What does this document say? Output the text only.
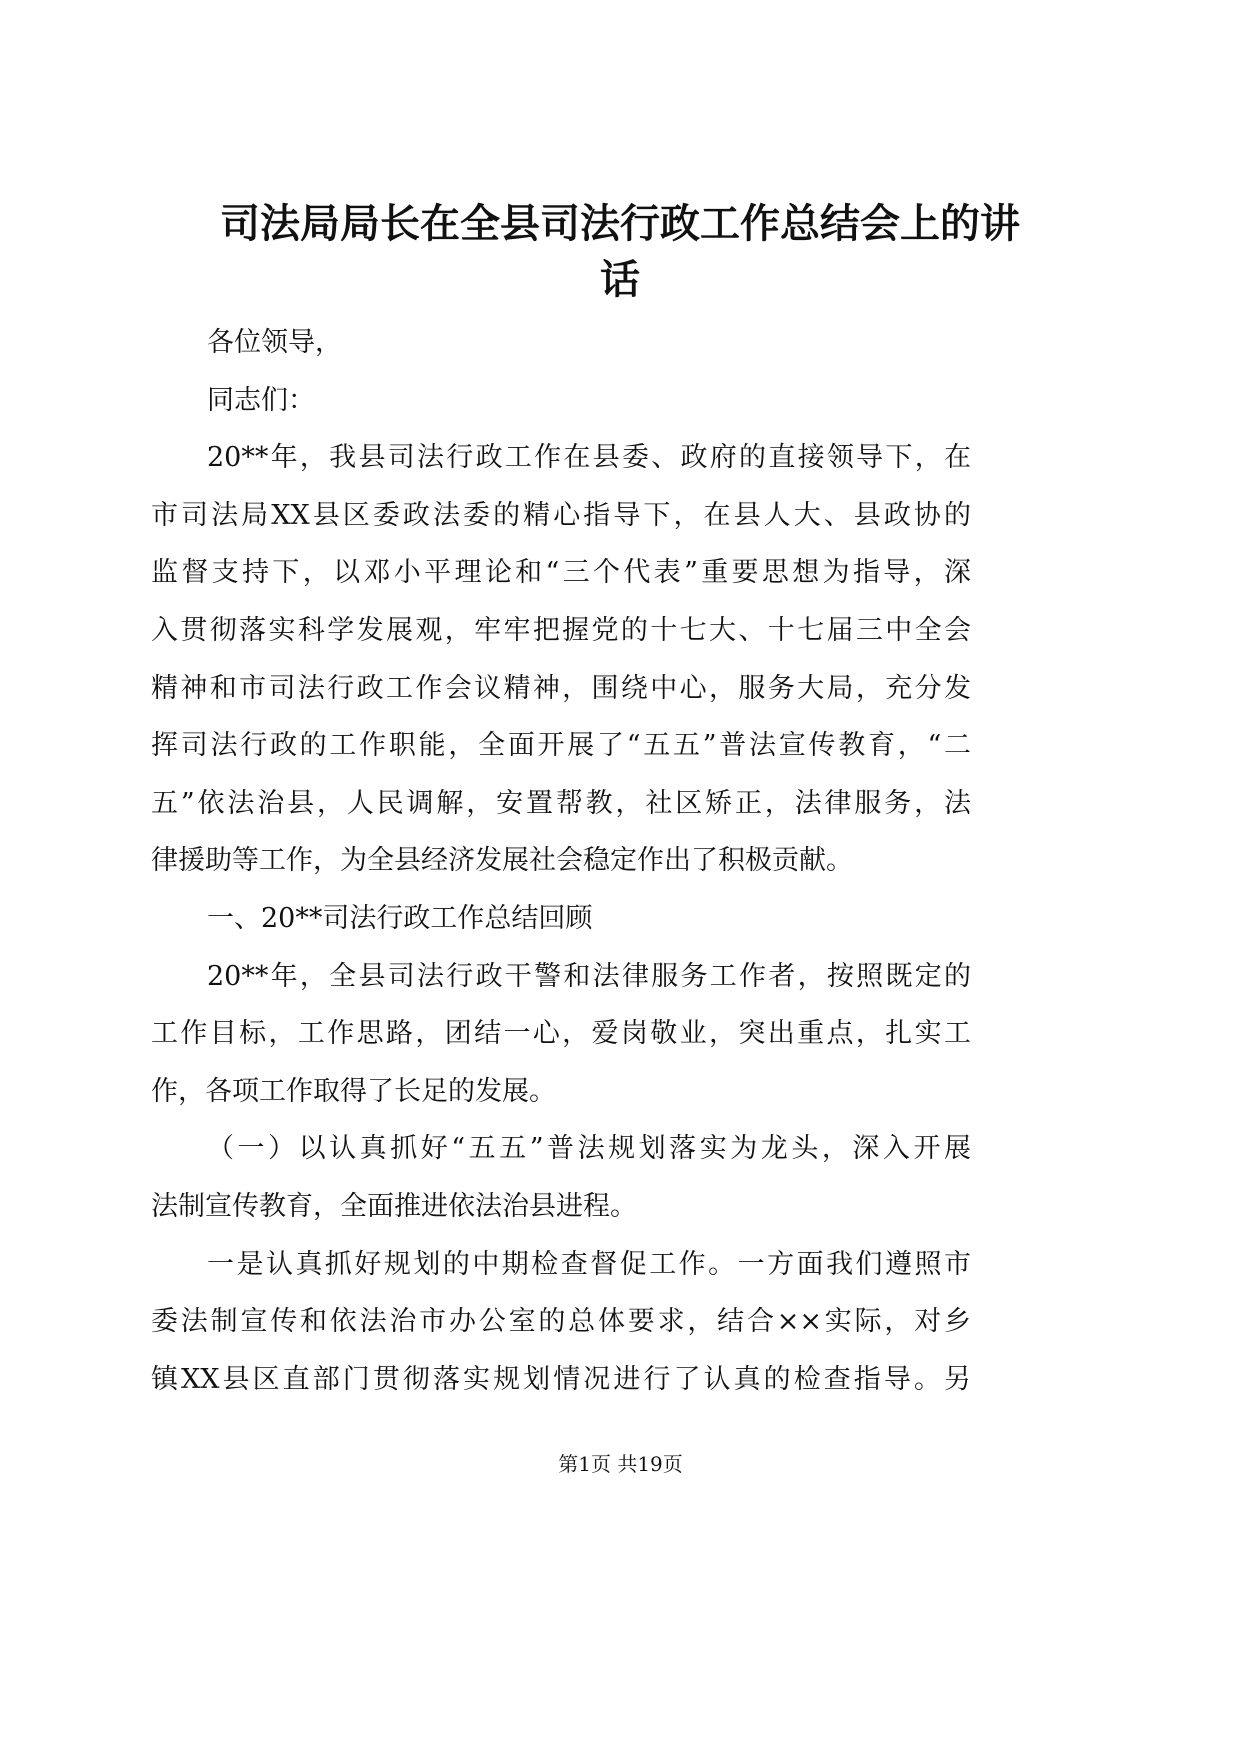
司法局局长在全县司法行政工作总结会上的讲
话
各位领导，
同志们：
20**年，我县司法行政工作在县委、政府的直接领导下，在
市司法局XX县区委政法委的精心指导下，在县人大、县政协的
监督支持下，以邓小平理论和“三个代表”重要思想为指导，深
入贯彻落实科学发展观，牢牢把握党的十七大、十七届三中全会
精神和市司法行政工作会议精神，围绕中心，服务大局，充分发
挥司法行政的工作职能，全面开展了“五五”普法宣传教育，“二
五”依法治县，人民调解，安置帮教，社区矫正，法律服务，法
律援助等工作，为全县经济发展社会稳定作出了积极贡献。
一、20**司法行政工作总结回顾
20**年，全县司法行政干警和法律服务工作者，按照既定的
工作目标，工作思路，团结一心，爱岗敬业，突出重点，扎实工
作，各项工作取得了长足的发展。
（一）以认真抓好“五五”普法规划落实为龙头，深入开展
法制宣传教育，全面推进依法治县进程。
一是认真抓好规划的中期检查督促工作。一方面我们遵照市
委法制宣传和依法治市办公室的总体要求，结合××实际，对乡
镇XX县区直部门贯彻落实规划情况进行了认真的检查指导。另
第1页 共19页
